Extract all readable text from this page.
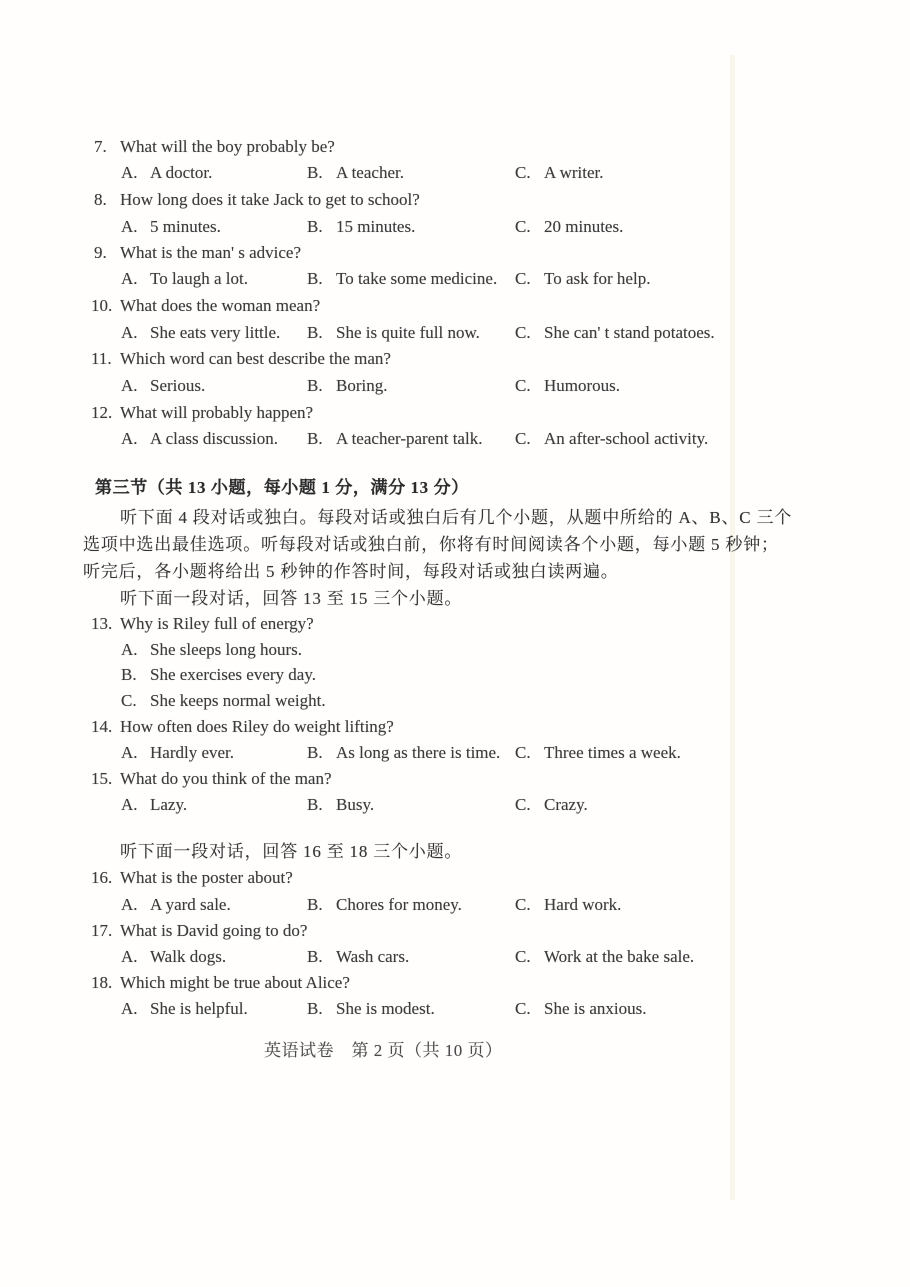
第三节（共 13 小题，每小题 1 分，满分 13 分）
听下面 4 段对话或独白。每段对话或独白后有几个小题，从题中所给的 A、B、C 三个
选项中选出最佳选项。听每段对话或独白前，你将有时间阅读各个小题，每小题 5 秒钟；
听完后，各小题将给出 5 秒钟的作答时间，每段对话或独白读两遍。
听下面一段对话，回答 13 至 15 三个小题。
听下面一段对话，回答 16 至 18 三个小题。
英语试卷　第 2 页（共 10 页）
7. What will the boy probably be?
A. A doctor.	B. A teacher.	C. A writer.
8. How long does it take Jack to get to school?
A. 5 minutes.	B. 15 minutes.	C. 20 minutes.
9. What is the man' s advice?
A. To laugh a lot.	B. To take some medicine. C. To ask for help.
10. What does the woman mean?
A. She eats very little. B. She is quite full now. C. She can' t stand potatoes.
11. Which word can best describe the man?
A. Serious.	B. Boring.	C. Humorous.
12. What will probably happen?
A. A class discussion. B. A teacher-parent talk. C. An after-school activity.
14. How often does Riley do weight lifting?
A. Hardly ever.	B. As long as there is time. C. Three times a week.
15. What do you think of the man?
A. Lazy.	B. Busy.	C. Crazy.
16. What is the poster about?
A. A yard sale.	B. Chores for money.	C. Hard work.
17. What is David going to do?
A. Walk dogs.	B. Wash cars.	C. Work at the bake sale.
18. Which might be true about Alice?
A. She is helpful.	B. She is modest.	C. She is anxious.
13. Why is Riley full of energy?
A. She sleeps long hours.
B. She exercises every day.
C. She keeps normal weight.
